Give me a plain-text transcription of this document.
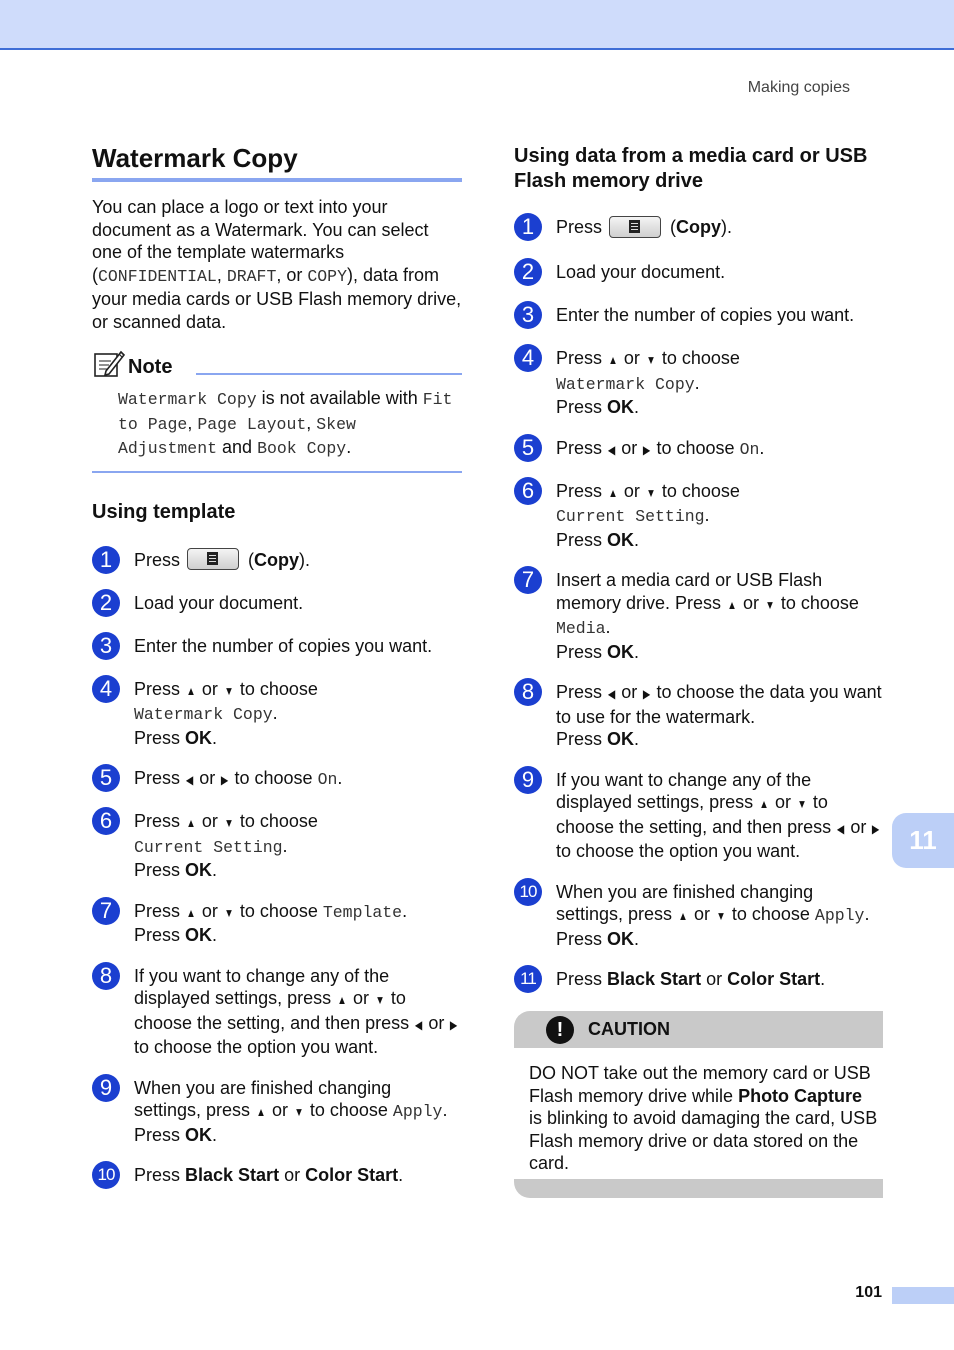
Making copies
Watermark Copy

You can place a logo or text into your document as a Watermark. You can select one of the template watermarks (CONFIDENTIAL, DRAFT, or COPY), data from your media cards or USB Flash memory drive, or scanned data.

Note
Watermark Copy is not available with Fit to Page, Page Layout, Skew Adjustment and Book Copy.
Using template
1	Press	(Copy).
2	Load your document.
3	Enter the number of copies you want.
4	Press ▲ or ▼ to choose
Watermark Copy.
Press OK.
5	Press ◀ or ▶ to choose On.
6	Press ▲ or ▼ to choose
Current Setting.
Press OK.
7	Press ▲ or ▼ to choose Template.
Press OK.
8	If you want to change any of the displayed settings, press ▲ or ▼ to choose the setting, and then press ◀ or ▶ to choose the option you want.
9	When you are finished changing settings, press ▲ or ▼ to choose Apply.
Press OK.
10	Press Black Start or Color Start.
Using data from a media card or USB Flash memory drive
1	Press	(Copy).
2	Load your document.
3	Enter the number of copies you want.
4	Press ▲ or ▼ to choose
Watermark Copy.
Press OK.
5	Press ◀ or ▶ to choose On.
6	Press ▲ or ▼ to choose
Current Setting.
Press OK.
7	Insert a media card or USB Flash memory drive. Press ▲ or ▼ to choose Media.
Press OK.
8	Press ◀ or ▶ to choose the data you want to use for the watermark.
Press OK.
9	If you want to change any of the displayed settings, press ▲ or ▼ to choose the setting, and then press ◀ or ▶ to choose the option you want.
10	When you are finished changing settings, press ▲ or ▼ to choose Apply.
Press OK.
11	Press Black Start or Color Start.
!	CAUTION
DO NOT take out the memory card or USB Flash memory drive while Photo Capture is blinking to avoid damaging the card, USB Flash memory drive or data stored on the card.
11
101
